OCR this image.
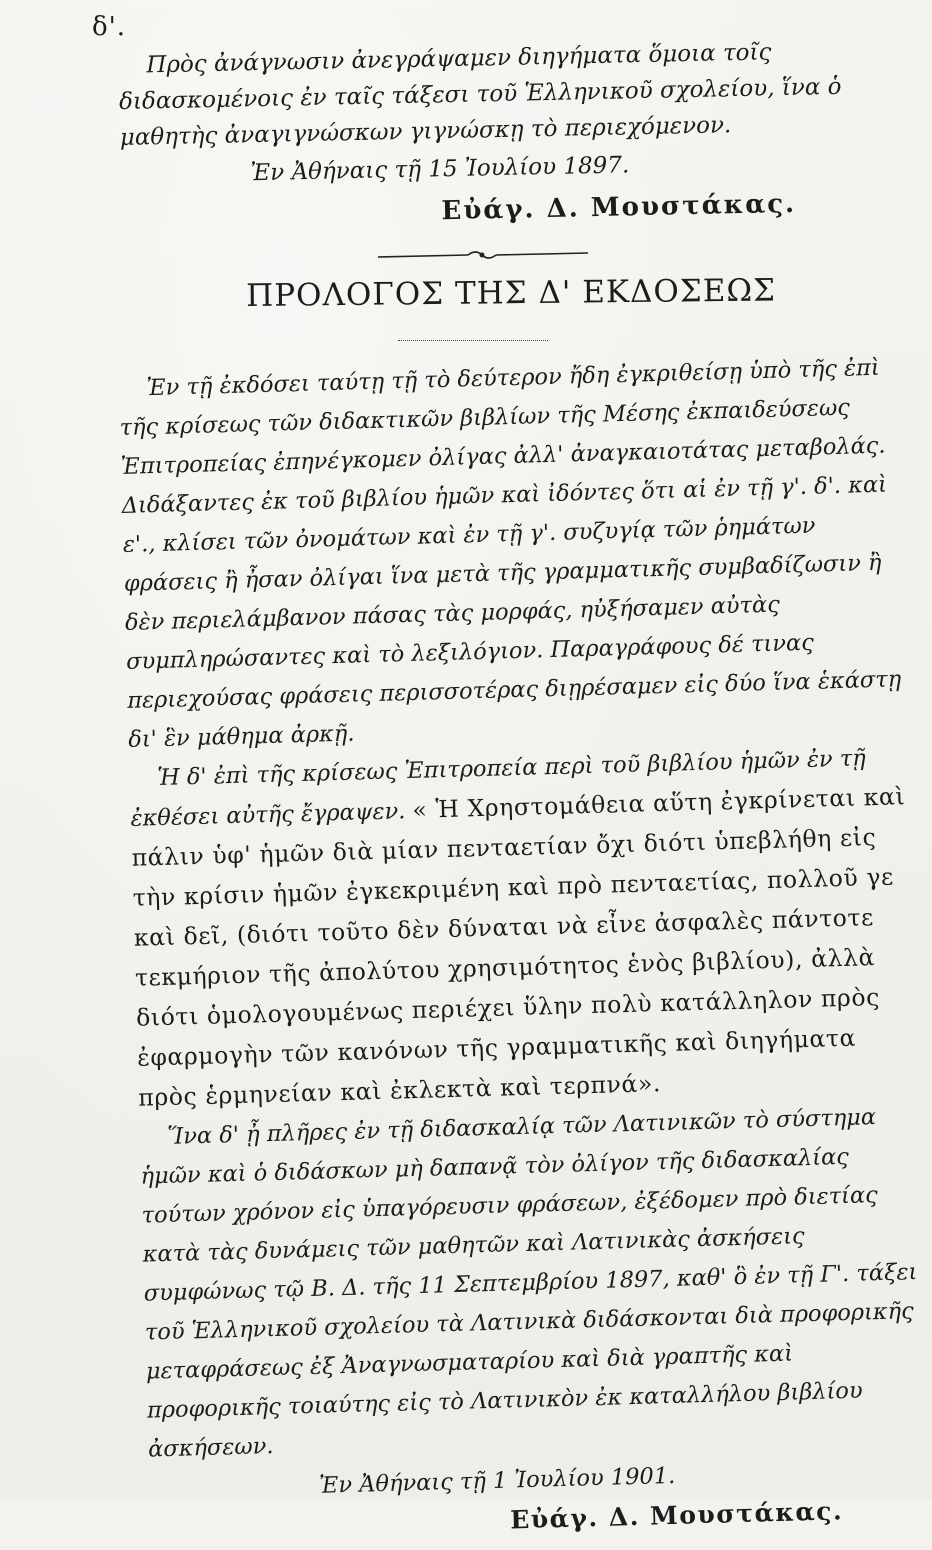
δ'.

Πρὸς ἀνάγνωσιν ἀνεγράψαμεν διηγήματα ὅμοια τοῖς διδασκομένοις ἐν ταῖς τάξεσι τοῦ Ἑλληνικοῦ σχολείου, ἵνα ὁ μαθητὴς ἀναγιγνώσκων γιγνώσκῃ τὸ περιεχόμενον.

Ἐν Ἀθήναις τῇ 15 Ἰουλίου 1897.

Εὐάγ. Δ. Μουστάκας.

ΠΡΟΛΟΓΟΣ ΤΗΣ Δ' ΕΚΔΟΣΕΩΣ

Ἐν τῇ ἐκδόσει ταύτῃ τῇ τὸ δεύτερον ἤδη ἐγκριθείσῃ ὑπὸ τῆς ἐπὶ τῆς κρίσεως τῶν διδακτικῶν βιβλίων τῆς Μέσης ἐκπαιδεύσεως Ἐπιτροπείας ἐπηνέγκομεν ὀλίγας ἀλλ' ἀναγκαιοτάτας μεταβολάς. Διδάξαντες ἐκ τοῦ βιβλίου ἡμῶν καὶ ἰδόντες ὅτι αἱ ἐν τῇ γ'. δ'. καὶ ε'., κλίσει τῶν ὀνομάτων καὶ ἐν τῇ γ'. συζυγίᾳ τῶν ῥημάτων φράσεις ἢ ἦσαν ὀλίγαι ἵνα μετὰ τῆς γραμματικῆς συμβαδίζωσιν ἢ δὲν περιελάμβανον πάσας τὰς μορφάς, ηὐξήσαμεν αὐτὰς συμπληρώσαντες καὶ τὸ λεξιλόγιον. Παραγράφους δέ τινας περιεχούσας φράσεις περισσοτέρας διῃρέσαμεν εἰς δύο ἵνα ἑκάστῃ δι' ἓν μάθημα ἀρκῇ.

Ἡ δ' ἐπὶ τῆς κρίσεως Ἐπιτροπεία περὶ τοῦ βιβλίου ἡμῶν ἐν τῇ ἐκθέσει αὐτῆς ἔγραψεν. « Ἡ Χρηστομάθεια αὕτη ἐγκρίνεται καὶ πάλιν ὑφ' ἡμῶν διὰ μίαν πενταετίαν ὄχι διότι ὑπεβλήθη εἰς τὴν κρίσιν ἡμῶν ἐγκεκριμένη καὶ πρὸ πενταετίας, πολλοῦ γε καὶ δεῖ, (διότι τοῦτο δὲν δύναται νὰ εἶνε ἀσφαλὲς πάντοτε τεκμήριον τῆς ἀπολύτου χρησιμότητος ἑνὸς βιβλίου), ἀλλὰ διότι ὁμολογουμένως περιέχει ὕλην πολὺ κατάλληλον πρὸς ἐφαρμογὴν τῶν κανόνων τῆς γραμματικῆς καὶ διηγήματα πρὸς ἑρμηνείαν καὶ ἐκλεκτὰ καὶ τερπνά».

Ἵνα δ' ᾖ πλῆρες ἐν τῇ διδασκαλίᾳ τῶν Λατινικῶν τὸ σύστημα ἡμῶν καὶ ὁ διδάσκων μὴ δαπανᾷ τὸν ὀλίγον τῆς διδασκαλίας τούτων χρόνον εἰς ὑπαγόρευσιν φράσεων, ἐξέδομεν πρὸ διετίας κατὰ τὰς δυνάμεις τῶν μαθητῶν καὶ Λατινικὰς ἀσκήσεις συμφώνως τῷ Β. Δ. τῆς 11 Σεπτεμβρίου 1897, καθ' ὃ ἐν τῇ Γ'. τάξει τοῦ Ἑλληνικοῦ σχολείου τὰ Λατινικὰ διδάσκονται διὰ προφορικῆς μεταφράσεως ἐξ Ἀναγνωσματαρίου καὶ διὰ γραπτῆς καὶ προφορικῆς τοιαύτης εἰς τὸ Λατινικὸν ἐκ καταλλήλου βιβλίου ἀσκήσεων.

Ἐν Ἀθήναις τῇ 1 Ἰουλίου 1901.

Εὐάγ. Δ. Μουστάκας.
